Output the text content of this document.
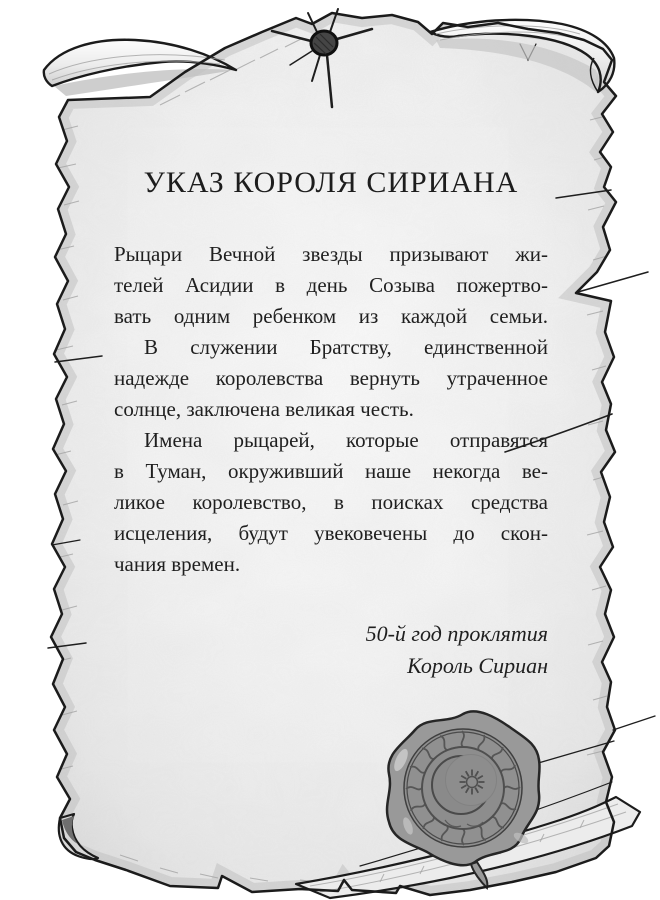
УКАЗ КОРОЛЯ СИРИАНА
Рыцари Вечной звезды призывают жи-
телей Асидии в день Созыва пожертво-
вать одним ребенком из каждой семьи.
В служении Братству, единственной
надежде королевства вернуть утраченное
солнце, заключена великая честь.
Имена рыцарей, которые отправятся
в Туман, окруживший наше некогда ве-
ликое королевство, в поисках средства
исцеления, будут увековечены до скон-
чания времен.
50-й год проклятия
Король Сириан
